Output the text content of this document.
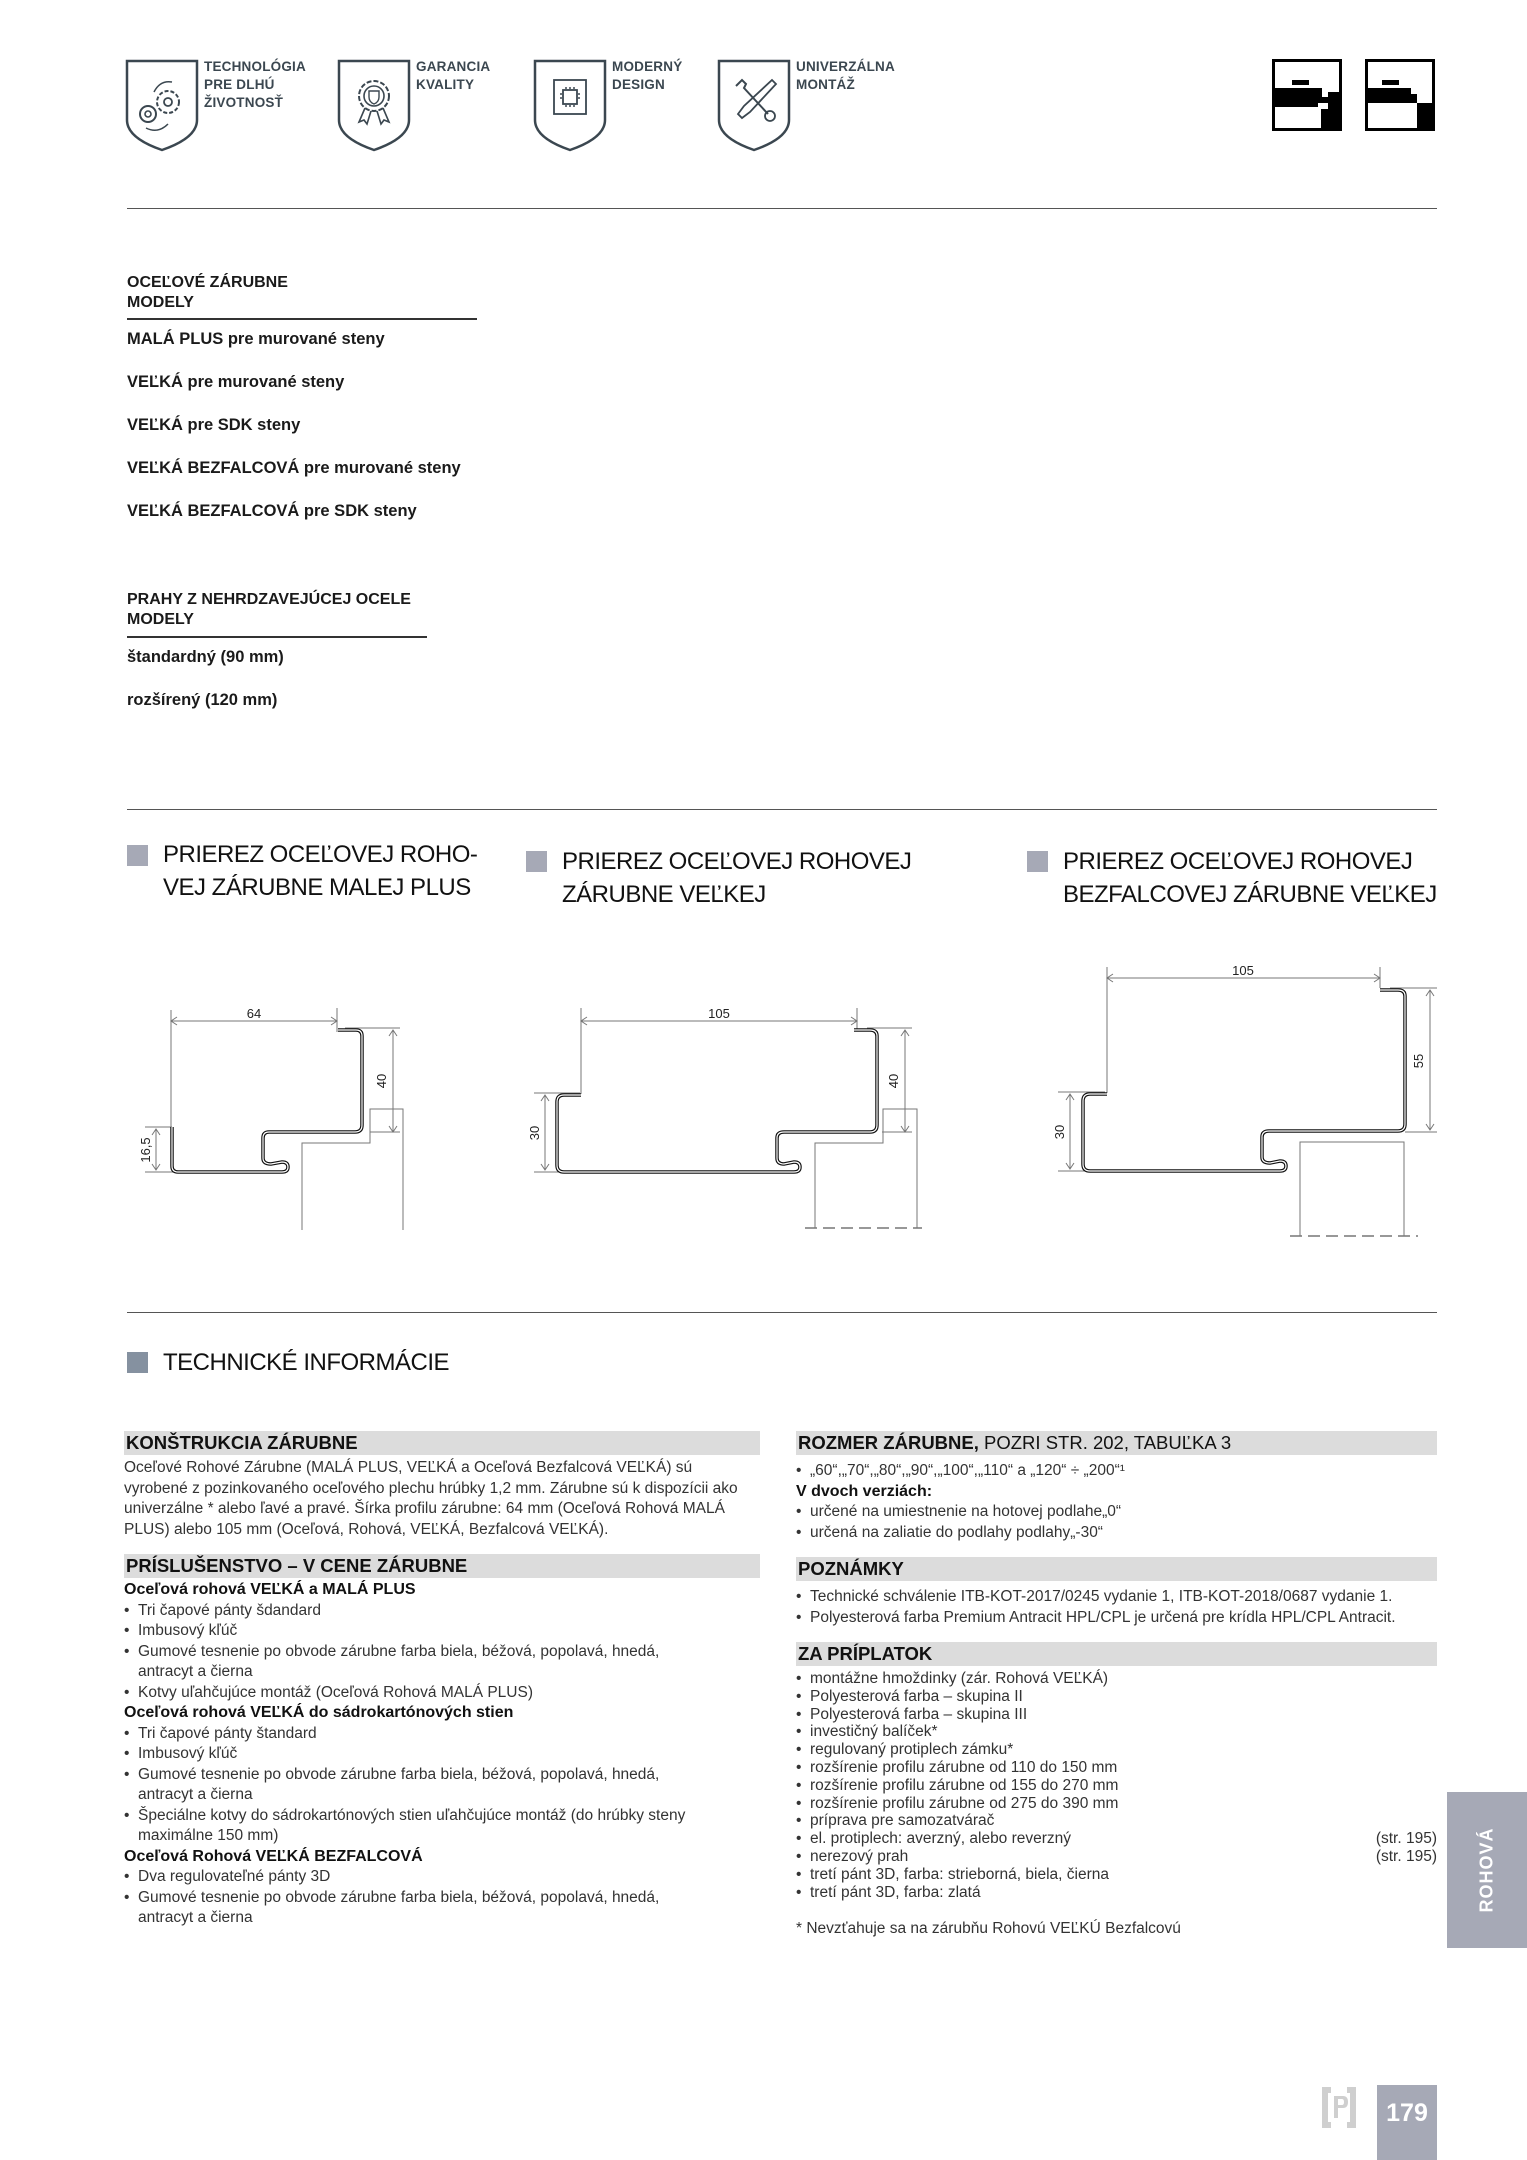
TECHNOLÓGIA
PRE DLHÚ
ŽIVOTNOSŤ
GARANCIA
KVALITY
MODERNÝ
DESIGN
UNIVERZÁLNA
MONTÁŽ
OCEĽOVÉ ZÁRUBNE
MODELY
MALÁ PLUS pre murované steny
VEĽKÁ pre murované steny
VEĽKÁ pre SDK steny
VEĽKÁ BEZFALCOVÁ pre murované steny
VEĽKÁ BEZFALCOVÁ pre SDK steny
PRAHY Z NEHRDZAVEJÚCEJ OCELE
MODELY
štandardný (90 mm)
rozšírený (120 mm)
PRIEREZ OCEĽOVEJ ROHO-
VEJ ZÁRUBNE MALEJ PLUS
PRIEREZ OCEĽOVEJ ROHOVEJ
ZÁRUBNE VEĽKEJ
PRIEREZ OCEĽOVEJ ROHOVEJ
BEZFALCOVEJ ZÁRUBNE VEĽKEJ
64
40
16,5
105
40
30
105
55
30
TECHNICKÉ INFORMÁCIE
KONŠTRUKCIA ZÁRUBNE
Oceľové Rohové Zárubne (MALÁ PLUS, VEĽKÁ a Oceľová Bezfalcová VEĽKÁ) sú vyrobené z pozinkovaného oceľového plechu hrúbky 1,2 mm. Zárubne sú k dispozícii ako univerzálne * alebo ľavé a pravé. Šírka profilu zárubne: 64 mm (Oceľová Rohová MALÁ PLUS) alebo 105 mm (Oceľová, Rohová, VEĽKÁ, Bezfalcová VEĽKÁ).
PRÍSLUŠENSTVO – V CENE ZÁRUBNE
Oceľová rohová VEĽKÁ a MALÁ PLUS
• Tri čapové pánty šdandard
• Imbusový kľúč
• Gumové tesnenie po obvode zárubne farba biela, béžová, popolavá, hnedá, antracyt a čierna
• Kotvy uľahčujúce montáž (Oceľová Rohová MALÁ PLUS)
Oceľová rohová VEĽKÁ do sádrokartónových stien
• Tri čapové pánty štandard
• Imbusový kľúč
• Gumové tesnenie po obvode zárubne farba biela, béžová, popolavá, hnedá, antracyt a čierna
• Špeciálne kotvy do sádrokartónových stien uľahčujúce montáž (do hrúbky steny maximálne 150 mm)
Oceľová Rohová VEĽKÁ BEZFALCOVÁ
• Dva regulovateľné pánty 3D
• Gumové tesnenie po obvode zárubne farba biela, béžová, popolavá, hnedá, antracyt a čierna
ROZMER ZÁRUBNE, POZRI STR. 202, TABUĽKA 3
• „60“,„70“,„80“,„90“,„100“,„110“ a „120“ ÷ „200“¹
V dvoch verziách:
• určené na umiestnenie na hotovej podlahe„0“
• určená na zaliatie do podlahy podlahy„-30“
POZNÁMKY
• Technické schválenie ITB-KOT-2017/0245 vydanie 1, ITB-KOT-2018/0687 vydanie 1.
• Polyesterová farba Premium Antracit HPL/CPL je určená pre krídla HPL/CPL Antracit.
ZA PRÍPLATOK
• montážne hmoždinky (zár. Rohová VEĽKÁ)
• Polyesterová farba – skupina II
• Polyesterová farba – skupina III
• investičný balíček*
• regulovaný protiplech zámku*
• rozšírenie profilu zárubne od 110 do 150 mm
• rozšírenie profilu zárubne od 155 do 270 mm
• rozšírenie profilu zárubne od 275 do 390 mm
• príprava pre samozatvárač
• el. protiplech: averzný, alebo reverzný	(str. 195)
• nerezový prah	(str. 195)
• tretí pánt 3D, farba: strieborná, biela, čierna
• tretí pánt 3D, farba: zlatá
* Nevzťahuje sa na zárubňu Rohovú VEĽKÚ Bezfalcovú
ROHOVÁ
179
